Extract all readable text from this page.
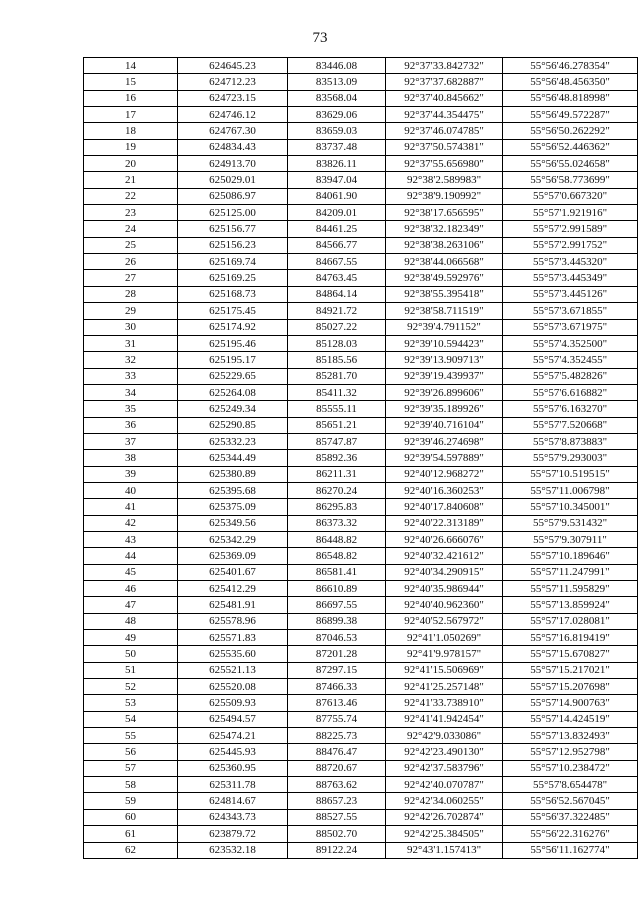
73
14	624645.23	83446.08	92°37'33.842732"	55°56'46.278354"
15	624712.23	83513.09	92°37'37.682887"	55°56'48.456350"
16	624723.15	83568.04	92°37'40.845662"	55°56'48.818998"
17	624746.12	83629.06	92°37'44.354475"	55°56'49.572287"
18	624767.30	83659.03	92°37'46.074785"	55°56'50.262292"
19	624834.43	83737.48	92°37'50.574381"	55°56'52.446362"
20	624913.70	83826.11	92°37'55.656980"	55°56'55.024658"
21	625029.01	83947.04	92°38'2.589983"	55°56'58.773699"
22	625086.97	84061.90	92°38'9.190992"	55°57'0.667320"
23	625125.00	84209.01	92°38'17.656595"	55°57'1.921916"
24	625156.77	84461.25	92°38'32.182349"	55°57'2.991589"
25	625156.23	84566.77	92°38'38.263106"	55°57'2.991752"
26	625169.74	84667.55	92°38'44.066568"	55°57'3.445320"
27	625169.25	84763.45	92°38'49.592976"	55°57'3.445349"
28	625168.73	84864.14	92°38'55.395418"	55°57'3.445126"
29	625175.45	84921.72	92°38'58.711519"	55°57'3.671855"
30	625174.92	85027.22	92°39'4.791152"	55°57'3.671975"
31	625195.46	85128.03	92°39'10.594423"	55°57'4.352500"
32	625195.17	85185.56	92°39'13.909713"	55°57'4.352455"
33	625229.65	85281.70	92°39'19.439937"	55°57'5.482826"
34	625264.08	85411.32	92°39'26.899606"	55°57'6.616882"
35	625249.34	85555.11	92°39'35.189926"	55°57'6.163270"
36	625290.85	85651.21	92°39'40.716104"	55°57'7.520668"
37	625332.23	85747.87	92°39'46.274698"	55°57'8.873883"
38	625344.49	85892.36	92°39'54.597889"	55°57'9.293003"
39	625380.89	86211.31	92°40'12.968272"	55°57'10.519515"
40	625395.68	86270.24	92°40'16.360253"	55°57'11.006798"
41	625375.09	86295.83	92°40'17.840608"	55°57'10.345001"
42	625349.56	86373.32	92°40'22.313189"	55°57'9.531432"
43	625342.29	86448.82	92°40'26.666076"	55°57'9.307911"
44	625369.09	86548.82	92°40'32.421612"	55°57'10.189646"
45	625401.67	86581.41	92°40'34.290915"	55°57'11.247991"
46	625412.29	86610.89	92°40'35.986944"	55°57'11.595829"
47	625481.91	86697.55	92°40'40.962360"	55°57'13.859924"
48	625578.96	86899.38	92°40'52.567972"	55°57'17.028081"
49	625571.83	87046.53	92°41'1.050269"	55°57'16.819419"
50	625535.60	87201.28	92°41'9.978157"	55°57'15.670827"
51	625521.13	87297.15	92°41'15.506969"	55°57'15.217021"
52	625520.08	87466.33	92°41'25.257148"	55°57'15.207698"
53	625509.93	87613.46	92°41'33.738910"	55°57'14.900763"
54	625494.57	87755.74	92°41'41.942454"	55°57'14.424519"
55	625474.21	88225.73	92°42'9.033086"	55°57'13.832493"
56	625445.93	88476.47	92°42'23.490130"	55°57'12.952798"
57	625360.95	88720.67	92°42'37.583796"	55°57'10.238472"
58	625311.78	88763.62	92°42'40.070787"	55°57'8.654478"
59	624814.67	88657.23	92°42'34.060255"	55°56'52.567045"
60	624343.73	88527.55	92°42'26.702874"	55°56'37.322485"
61	623879.72	88502.70	92°42'25.384505"	55°56'22.316276"
62	623532.18	89122.24	92°43'1.157413"	55°56'11.162774"
